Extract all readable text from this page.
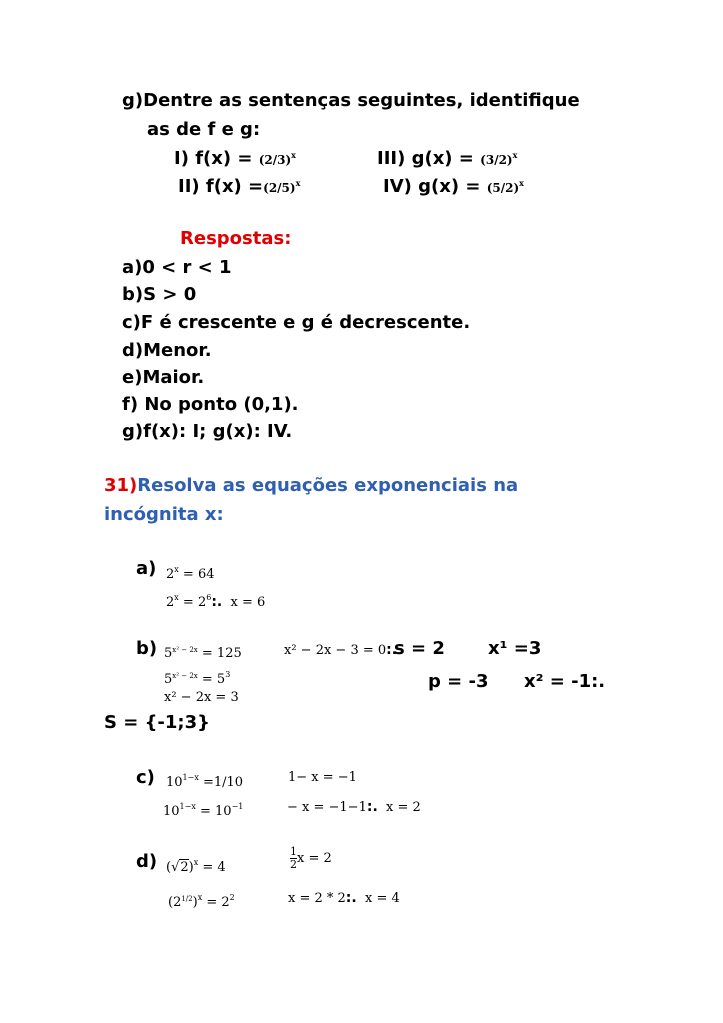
g)Dentre as sentenças seguintes, identifique
as de f e g:
I) $f(x) = (2/3)^x$
II) $f(x) =(2/5)^x$
III) $g(x) = (3/2)^x$
IV) $g(x) = (5/2)^x$
Respostas:
a)0 < r < 1
b)S > 0
c)F é crescente e g é decrescente.
d)Menor.
e)Maior.
f) No ponto (0,1).
g)f(x): I; g(x): IV.
31)Resolva as equações exponenciais na
incógnita x:
a) $2^x = 64$
$2^x = 2^6$:. x = 6
b) $5^{x^2 - 2x} = 125$
$5^{x^2 - 2x} = 5^3$
x² − 2x = 3
x² − 2x − 3 = 0:.
s = 2 x¹ =3
p = -3 x² = -1:.
S = {-1;3}
c) $10^{1-x} =1/10$
$10^{1-x} = 10^{-1}$
1− x = −1
− x = −1−1:. x = 2
d) $(√2)^x = 4$	$\frac{1}{2}$ x = 2
$(2^{1/2})^x = 2^2$	x = 2 * 2:. x = 4
